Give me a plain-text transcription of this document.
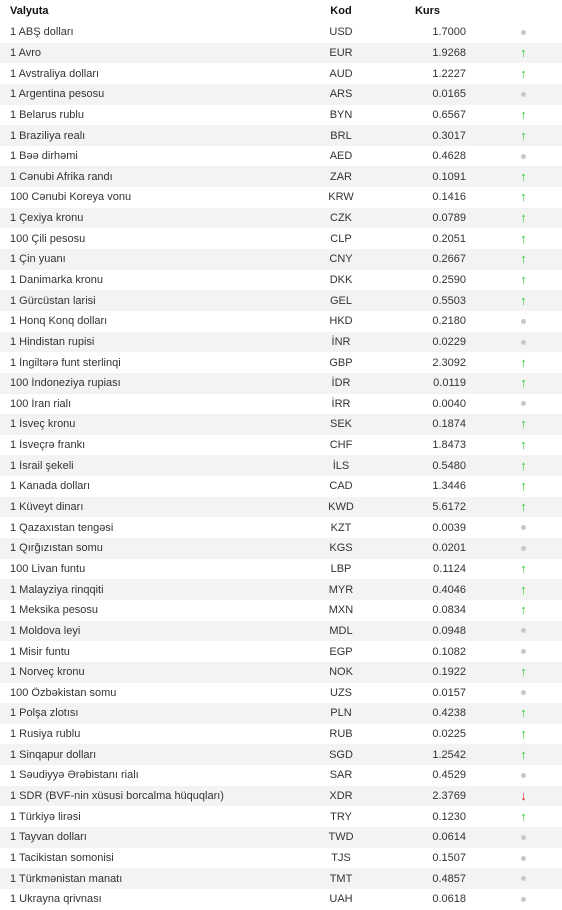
Valyuta	Kod	Kurs
1 ABŞ dolları	USD	1.7000
1 Avro	EUR	1.9268	↑
1 Avstraliya dolları	AUD	1.2227	↑
1 Argentina pesosu	ARS	0.0165
1 Belarus rublu	BYN	0.6567	↑
1 Braziliya realı	BRL	0.3017	↑
1 Bəə dirhəmi	AED	0.4628
1 Cənubi Afrika randı	ZAR	0.1091	↑
100 Cənubi Koreya vonu	KRW	0.1416	↑
1 Çexiya kronu	CZK	0.0789	↑
100 Çili pesosu	CLP	0.2051	↑
1 Çin yuanı	CNY	0.2667	↑
1 Danimarka kronu	DKK	0.2590	↑
1 Gürcüstan larisi	GEL	0.5503	↑
1 Honq Konq dolları	HKD	0.2180
1 Hindistan rupisi	İNR	0.0229
1 İngiltərə funt sterlinqi	GBP	2.3092	↑
100 İndoneziya rupiası	İDR	0.0119	↑
100 İran rialı	İRR	0.0040
1 İsveç kronu	SEK	0.1874	↑
1 İsveçrə frankı	CHF	1.8473	↑
1 İsrail şekeli	İLS	0.5480	↑
1 Kanada dolları	CAD	1.3446	↑
1 Küveyt dinarı	KWD	5.6172	↑
1 Qazaxıstan tengəsi	KZT	0.0039
1 Qırğızıstan somu	KGS	0.0201
100 Livan funtu	LBP	0.1124	↑
1 Malayziya rinqqiti	MYR	0.4046	↑
1 Meksika pesosu	MXN	0.0834	↑
1 Moldova leyi	MDL	0.0948
1 Misir funtu	EGP	0.1082
1 Norveç kronu	NOK	0.1922	↑
100 Özbəkistan somu	UZS	0.0157
1 Polşa zlotısı	PLN	0.4238	↑
1 Rusiya rublu	RUB	0.0225	↑
1 Sinqapur dolları	SGD	1.2542	↑
1 Səudiyyə Ərəbistanı rialı	SAR	0.4529
1 SDR (BVF-nin xüsusi borcalma hüquqları)	XDR	2.3769	↓
1 Türkiyə lirəsi	TRY	0.1230	↑
1 Tayvan dolları	TWD	0.0614
1 Tacikistan somonisi	TJS	0.1507
1 Türkmənistan manatı	TMT	0.4857
1 Ukrayna qrivnası	UAH	0.0618
